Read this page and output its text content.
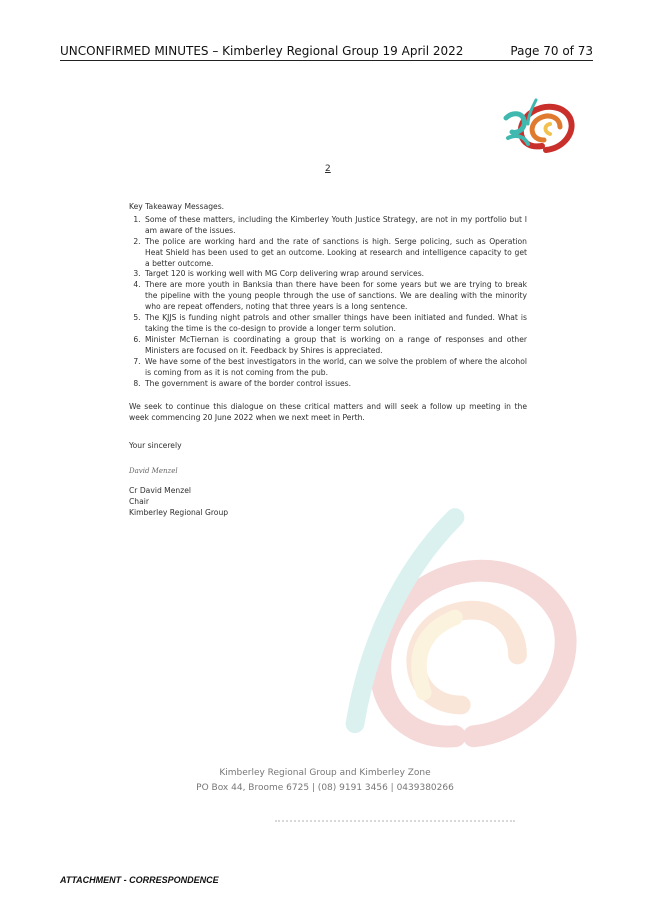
UNCONFIRMED MINUTES – Kimberley Regional Group 19 April 2022	Page 70 of 73
2
Key Takeaway Messages.
1. Some of these matters, including the Kimberley Youth Justice Strategy, are not in my portfolio but I am aware of the issues.
2. The police are working hard and the rate of sanctions is high. Serge policing, such as Operation Heat Shield has been used to get an outcome. Looking at research and intelligence capacity to get a better outcome.
3. Target 120 is working well with MG Corp delivering wrap around services.
4. There are more youth in Banksia than there have been for some years but we are trying to break the pipeline with the young people through the use of sanctions. We are dealing with the minority who are repeat offenders, noting that three years is a long sentence.
5. The KJJS is funding night patrols and other smaller things have been initiated and funded. What is taking the time is the co-design to provide a longer term solution.
6. Minister McTiernan is coordinating a group that is working on a range of responses and other Ministers are focused on it. Feedback by Shires is appreciated.
7. We have some of the best investigators in the world, can we solve the problem of where the alcohol is coming from as it is not coming from the pub.
8. The government is aware of the border control issues.
We seek to continue this dialogue on these critical matters and will seek a follow up meeting in the week commencing 20 June 2022 when we next meet in Perth.
Your sincerely
David Menzel
Cr David Menzel
Chair
Kimberley Regional Group
Kimberley Regional Group and Kimberley Zone
PO Box 44, Broome 6725 | (08) 9191 3456 | 0439380266
ATTACHMENT - CORRESPONDENCE
